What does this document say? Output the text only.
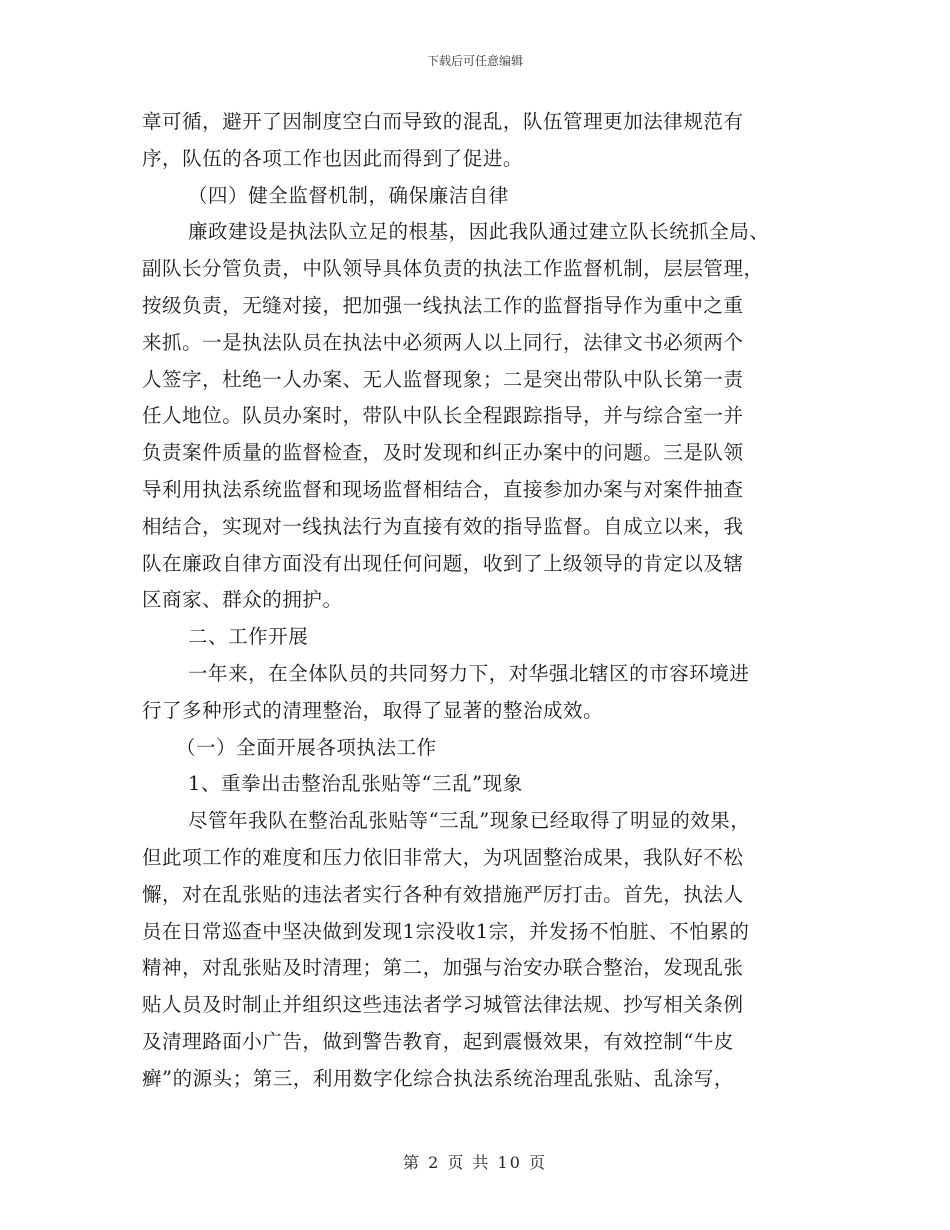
下载后可任意编辑
章可循，避开了因制度空白而导致的混乱，队伍管理更加法律规范有
序，队伍的各项工作也因此而得到了促进。
（四）健全监督机制，确保廉洁自律
廉政建设是执法队立足的根基，因此我队通过建立队长统抓全局、
副队长分管负责，中队领导具体负责的执法工作监督机制，层层管理，
按级负责，无缝对接，把加强一线执法工作的监督指导作为重中之重
来抓。一是执法队员在执法中必须两人以上同行，法律文书必须两个
人签字，杜绝一人办案、无人监督现象；二是突出带队中队长第一责
任人地位。队员办案时，带队中队长全程跟踪指导，并与综合室一并
负责案件质量的监督检查，及时发现和纠正办案中的问题。三是队领
导利用执法系统监督和现场监督相结合，直接参加办案与对案件抽查
相结合，实现对一线执法行为直接有效的指导监督。自成立以来，我
队在廉政自律方面没有出现任何问题，收到了上级领导的肯定以及辖
区商家、群众的拥护。
二、工作开展
一年来，在全体队员的共同努力下，对华强北辖区的市容环境进
行了多种形式的清理整治，取得了显著的整治成效。
（一）全面开展各项执法工作
1、重拳出击整治乱张贴等“三乱”现象
尽管年我队在整治乱张贴等“三乱”现象已经取得了明显的效果，
但此项工作的难度和压力依旧非常大，为巩固整治成果，我队好不松
懈，对在乱张贴的违法者实行各种有效措施严厉打击。首先，执法人
员在日常巡查中坚决做到发现1宗没收1宗，并发扬不怕脏、不怕累的
精神，对乱张贴及时清理；第二，加强与治安办联合整治，发现乱张
贴人员及时制止并组织这些违法者学习城管法律法规、抄写相关条例
及清理路面小广告，做到警告教育，起到震慑效果，有效控制“牛皮
癣”的源头；第三，利用数字化综合执法系统治理乱张贴、乱涂写，
第 2 页 共 10 页
